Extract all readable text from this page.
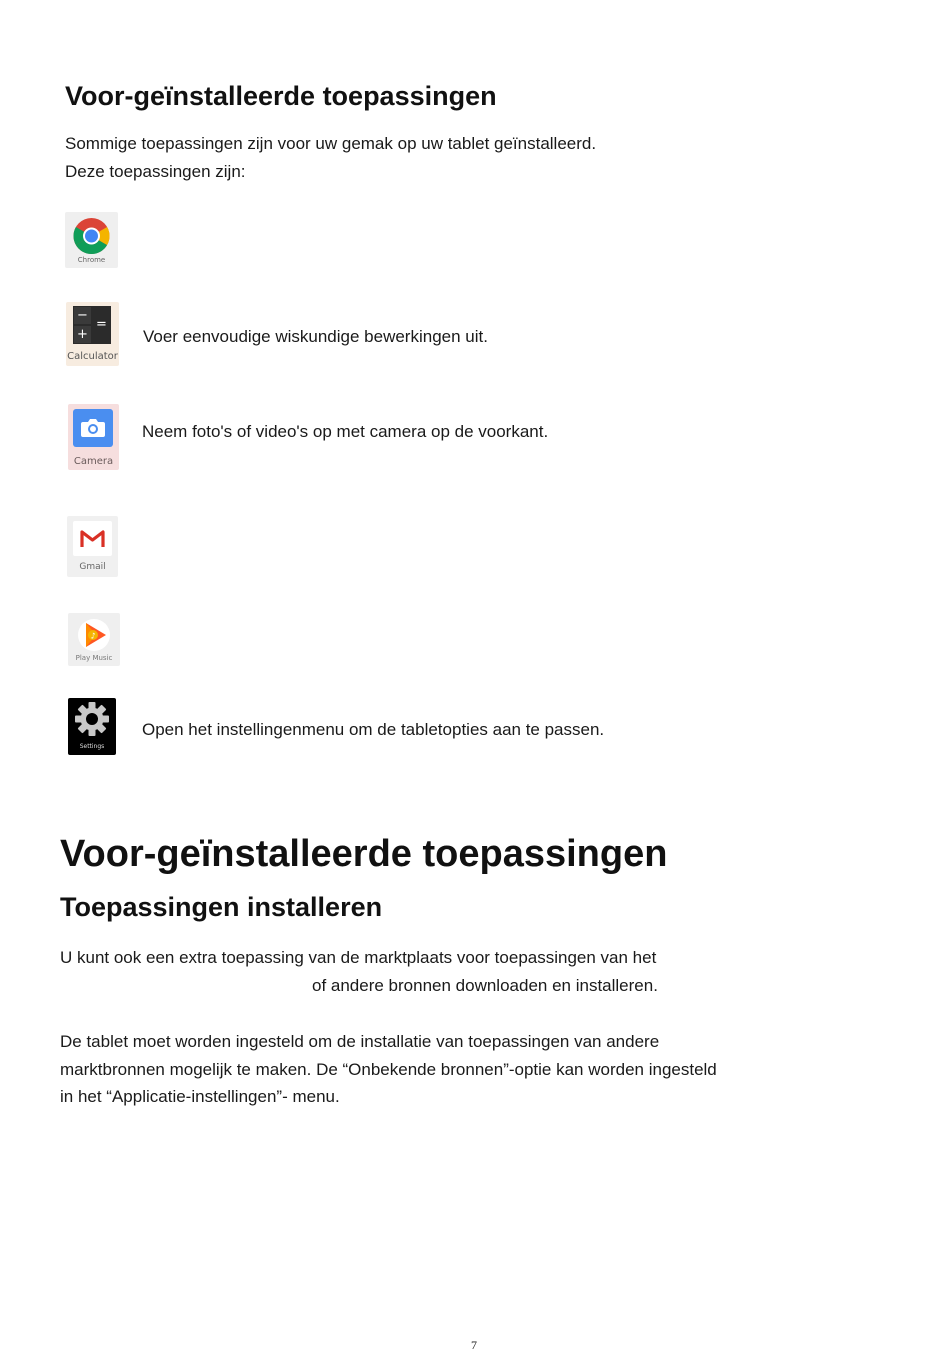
Voor-geïnstalleerde toepassingen
Sommige toepassingen zijn voor uw gemak op uw tablet geïnstalleerd.
Deze toepassingen zijn:
Chrome
−
+
=
Calculator
Voer eenvoudige wiskundige bewerkingen uit.
Camera
Neem foto's of video's op met camera op de voorkant.
Gmail
♪
Play Music
Settings
Open het instellingenmenu om de tabletopties aan te passen.
Voor-geïnstalleerde toepassingen
Toepassingen installeren
U kunt ook een extra toepassing van de marktplaats voor toepassingen van het
of andere bronnen downloaden en installeren.
De tablet moet worden ingesteld om de installatie van toepassingen van andere
marktbronnen mogelijk te maken. De “Onbekende bronnen”-optie kan worden ingesteld
in het “Applicatie-instellingen”- menu.
7
